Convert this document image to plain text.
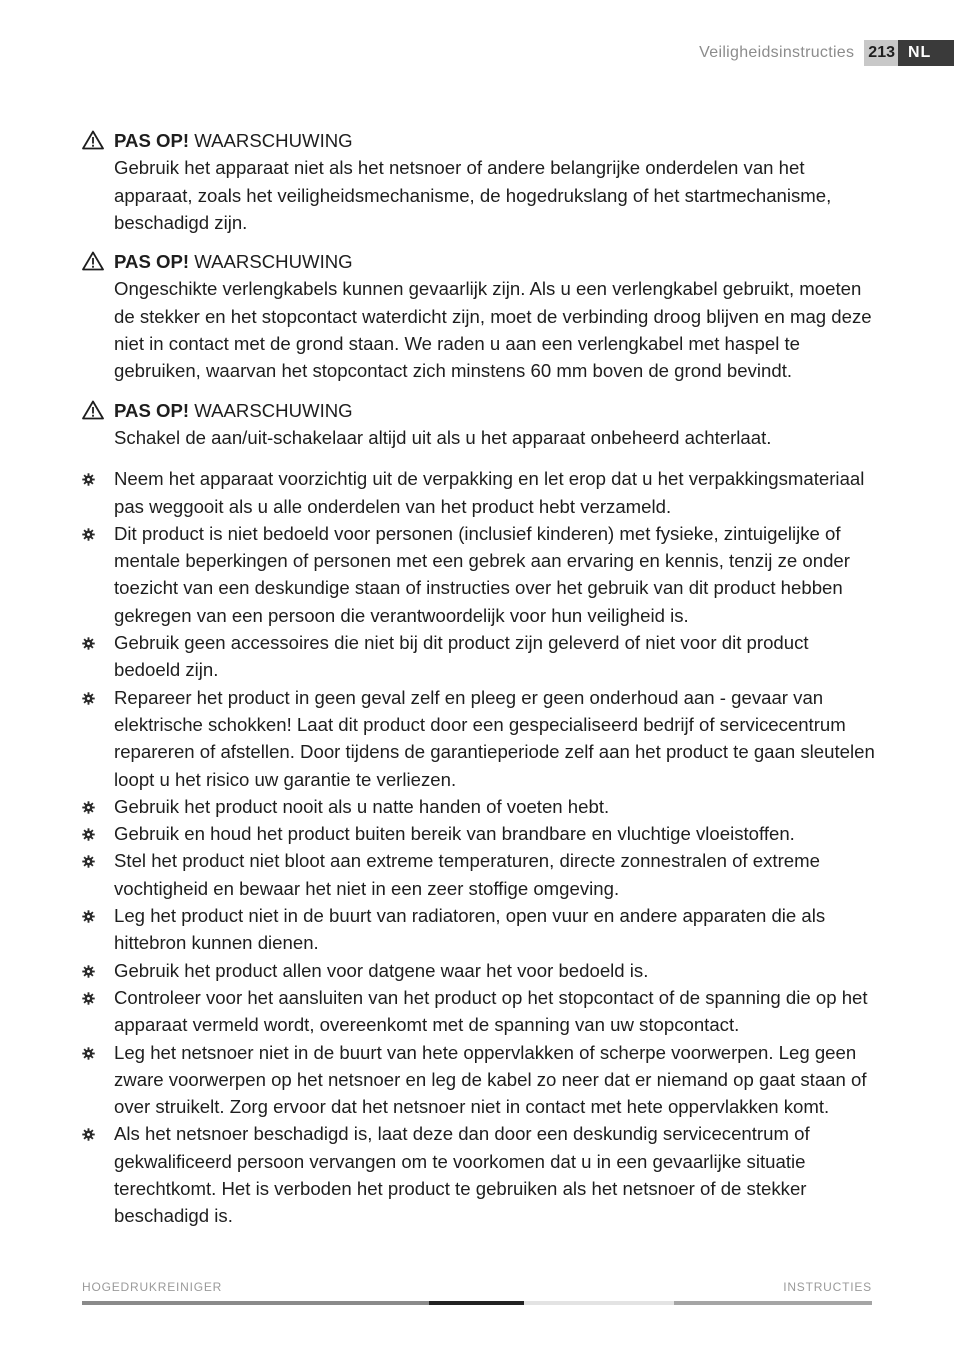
Veiligheidsinstructies 213 NL
PAS OP! WAARSCHUWING
Gebruik het apparaat niet als het netsnoer of andere belangrijke onderdelen van het apparaat, zoals het veiligheidsmechanisme, de hogedrukslang of het startmechanisme, beschadigd zijn.
PAS OP! WAARSCHUWING
Ongeschikte verlengkabels kunnen gevaarlijk zijn. Als u een verlengkabel gebruikt, moeten de stekker en het stopcontact waterdicht zijn, moet de verbinding droog blijven en mag deze niet in contact met de grond staan. We raden u aan een verlengkabel met haspel te gebruiken, waarvan het stopcontact zich minstens 60 mm boven de grond bevindt.
PAS OP! WAARSCHUWING
Schakel de aan/uit-schakelaar altijd uit als u het apparaat onbeheerd achterlaat.
Neem het apparaat voorzichtig uit de verpakking en let erop dat u het verpakkingsmateriaal pas weggooit als u alle onderdelen van het product hebt verzameld.
Dit product is niet bedoeld voor personen (inclusief kinderen) met fysieke, zintuigelijke of mentale beperkingen of personen met een gebrek aan ervaring en kennis, tenzij ze onder toezicht van een deskundige staan of instructies over het gebruik van dit product hebben gekregen van een persoon die verantwoordelijk voor hun veiligheid is.
Gebruik geen accessoires die niet bij dit product zijn geleverd of niet voor dit product bedoeld zijn.
Repareer het product in geen geval zelf en pleeg er geen onderhoud aan - gevaar van elektrische schokken! Laat dit product door een gespecialiseerd bedrijf of servicecentrum repareren of afstellen. Door tijdens de garantieperiode zelf aan het product te gaan sleutelen loopt u het risico uw garantie te verliezen.
Gebruik het product nooit als u natte handen of voeten hebt.
Gebruik en houd het product buiten bereik van brandbare en vluchtige vloeistoffen.
Stel het product niet bloot aan extreme temperaturen, directe zonnestralen of extreme vochtigheid en bewaar het niet in een zeer stoffige omgeving.
Leg het product niet in de buurt van radiatoren, open vuur en andere apparaten die als hittebron kunnen dienen.
Gebruik het product allen voor datgene waar het voor bedoeld is.
Controleer voor het aansluiten van het product op het stopcontact of de spanning die op het apparaat vermeld wordt, overeenkomt met de spanning van uw stopcontact.
Leg het netsnoer niet in de buurt van hete oppervlakken of scherpe voorwerpen. Leg geen zware voorwerpen op het netsnoer en leg de kabel zo neer dat er niemand op gaat staan of over struikelt. Zorg ervoor dat het netsnoer niet in contact met hete oppervlakken komt.
Als het netsnoer beschadigd is, laat deze dan door een deskundig servicecentrum of gekwalificeerd persoon vervangen om te voorkomen dat u in een gevaarlijke situatie terechtkomt. Het is verboden het product te gebruiken als het netsnoer of de stekker beschadigd is.
HOGEDRUKREINIGER	INSTRUCTIES
